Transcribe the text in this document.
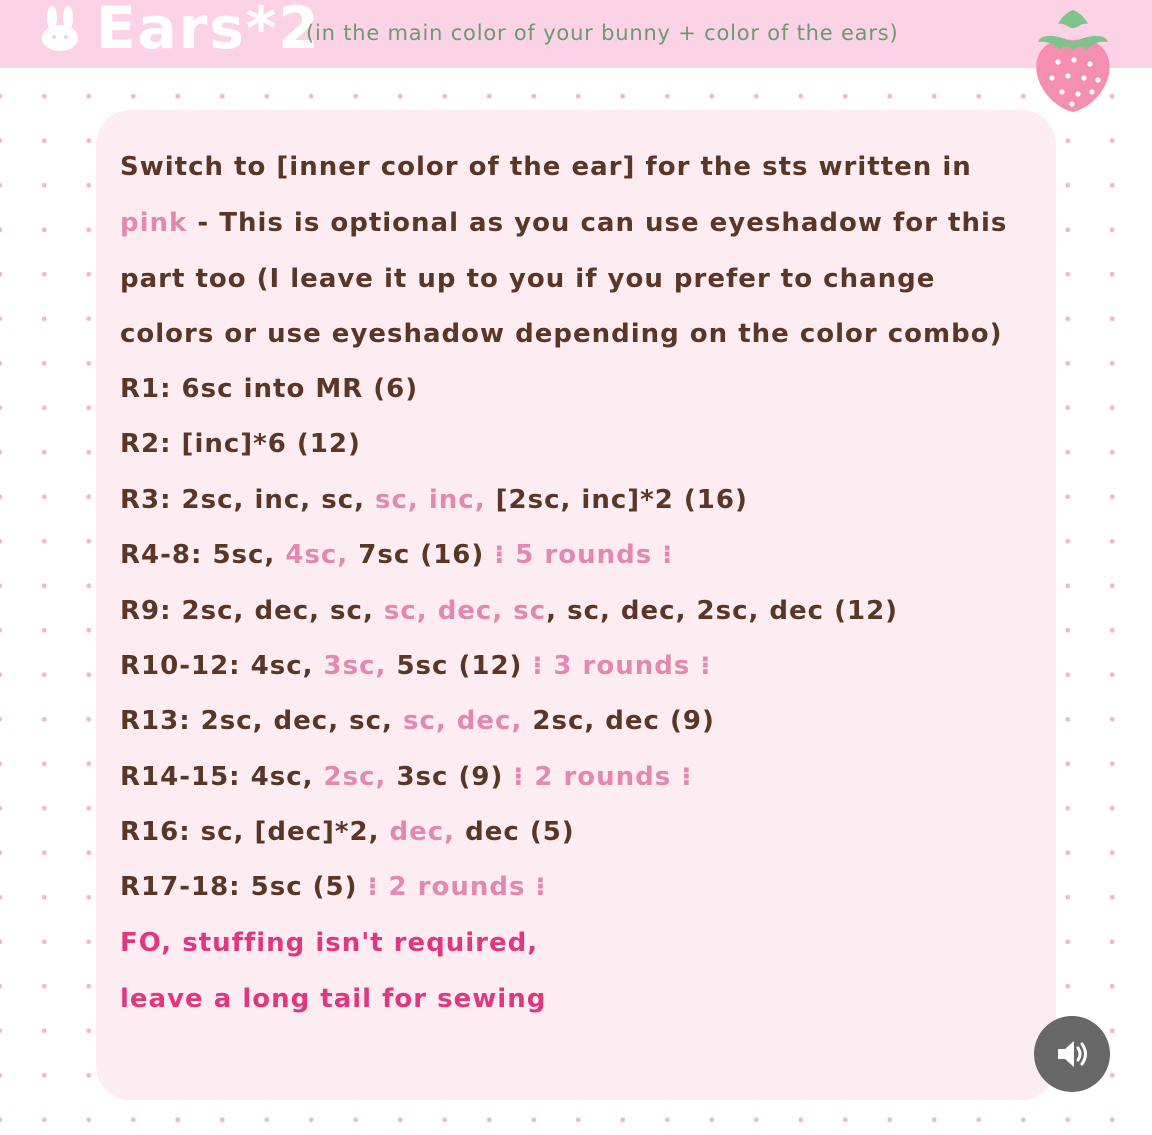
Ears*2
(in the main color of your bunny + color of the ears)
Switch to [inner color of the ear] for the sts written in
pink - This is optional as you can use eyeshadow for this
part too (I leave it up to you if you prefer to change
colors or use eyeshadow depending on the color combo)
R1: 6sc into MR (6)
R2: [inc]*6 (12)
R3: 2sc, inc, sc, sc, inc, [2sc, inc]*2 (16)
R4-8: 5sc, 4sc, 7sc (16) ⁝ 5 rounds ⁝
R9: 2sc, dec, sc, sc, dec, sc, sc, dec, 2sc, dec (12)
R10-12: 4sc, 3sc, 5sc (12) ⁝ 3 rounds ⁝
R13: 2sc, dec, sc, sc, dec, 2sc, dec (9)
R14-15: 4sc, 2sc, 3sc (9) ⁝ 2 rounds ⁝
R16: sc, [dec]*2, dec, dec (5)
R17-18: 5sc (5) ⁝ 2 rounds ⁝
FO, stuffing isn't required,
leave a long tail for sewing
